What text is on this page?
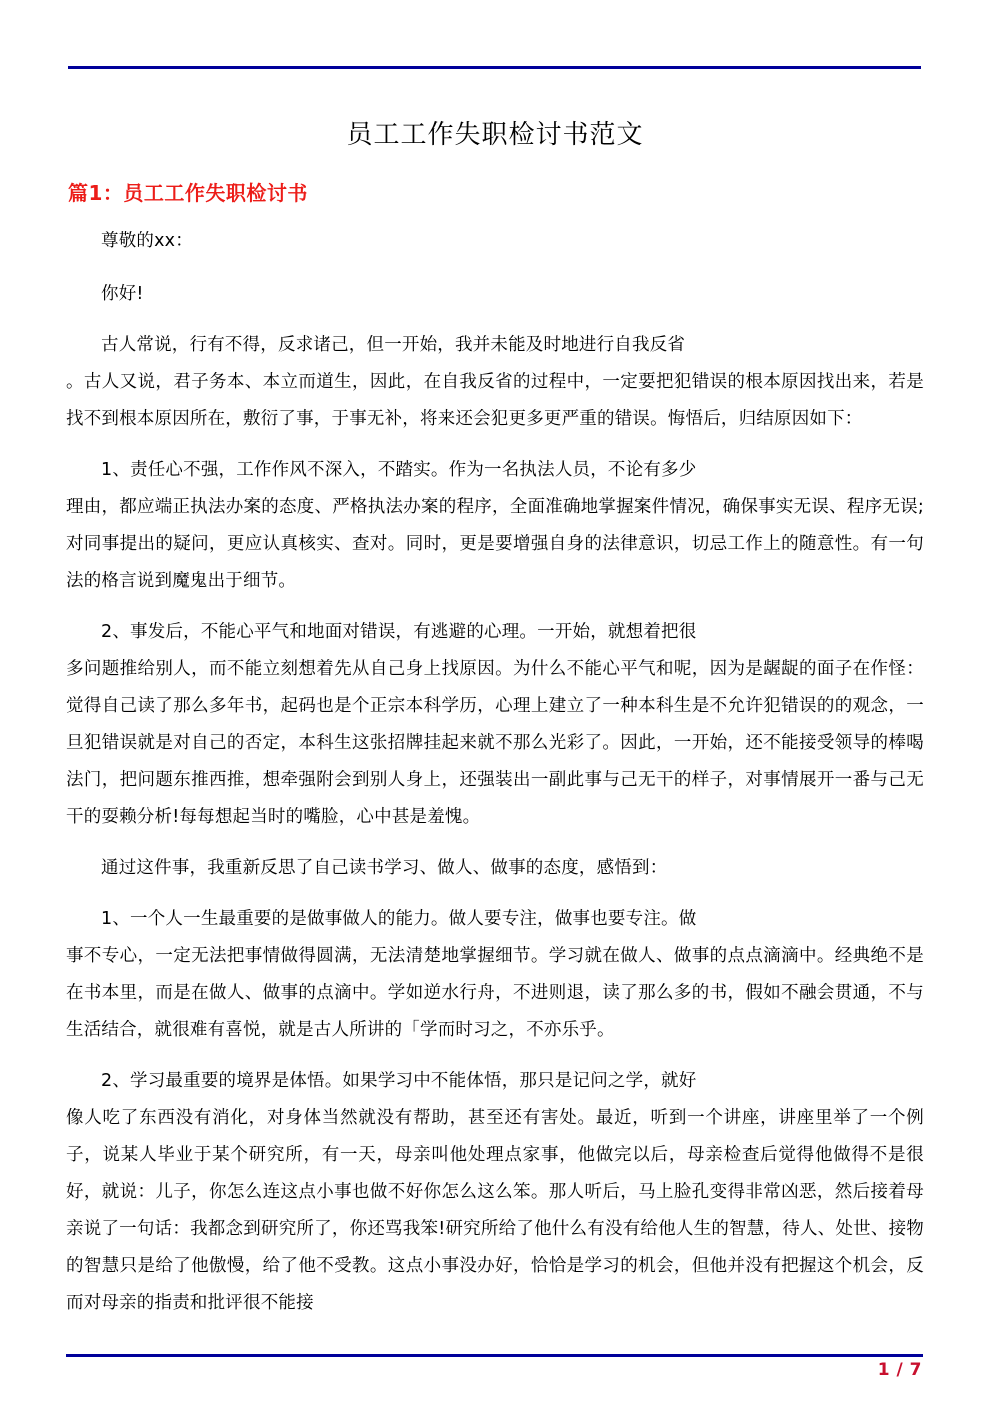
员工工作失职检讨书范文
篇1：员工工作失职检讨书
尊敬的xx：
你好!
古人常说，行有不得，反求诸己，但一开始，我并未能及时地进行自我反省
。古人又说，君子务本、本立而道生，因此，在自我反省的过程中，一定要把犯错误的根本原因找出来，若是找不到根本原因所在，敷衍了事，于事无补，将来还会犯更多更严重的错误。悔悟后，归结原因如下：
1、责任心不强，工作作风不深入，不踏实。作为一名执法人员，不论有多少
理由，都应端正执法办案的态度、严格执法办案的程序，全面准确地掌握案件情况，确保事实无误、程序无误;对同事提出的疑问，更应认真核实、查对。同时，更是要增强自身的法律意识，切忌工作上的随意性。有一句法的格言说到魔鬼出于细节。
2、事发后，不能心平气和地面对错误，有逃避的心理。一开始，就想着把很
多问题推给别人，而不能立刻想着先从自己身上找原因。为什么不能心平气和呢，因为是龌龊的面子在作怪：觉得自己读了那么多年书，起码也是个正宗本科学历，心理上建立了一种本科生是不允许犯错误的的观念，一旦犯错误就是对自己的否定，本科生这张招牌挂起来就不那么光彩了。因此，一开始，还不能接受领导的棒喝法门，把问题东推西推，想牵强附会到别人身上，还强装出一副此事与己无干的样子，对事情展开一番与己无干的耍赖分析!每每想起当时的嘴脸，心中甚是羞愧。
通过这件事，我重新反思了自己读书学习、做人、做事的态度，感悟到：
1、一个人一生最重要的是做事做人的能力。做人要专注，做事也要专注。做
事不专心，一定无法把事情做得圆满，无法清楚地掌握细节。学习就在做人、做事的点点滴滴中。经典绝不是在书本里，而是在做人、做事的点滴中。学如逆水行舟，不进则退，读了那么多的书，假如不融会贯通，不与生活结合，就很难有喜悦，就是古人所讲的「学而时习之，不亦乐乎。
2、学习最重要的境界是体悟。如果学习中不能体悟，那只是记问之学，就好
像人吃了东西没有消化，对身体当然就没有帮助，甚至还有害处。最近，听到一个讲座，讲座里举了一个例子，说某人毕业于某个研究所，有一天，母亲叫他处理点家事，他做完以后，母亲检查后觉得他做得不是很好，就说：儿子，你怎么连这点小事也做不好你怎么这么笨。那人听后，马上脸孔变得非常凶恶，然后接着母亲说了一句话：我都念到研究所了，你还骂我笨!研究所给了他什么有没有给他人生的智慧，待人、处世、接物的智慧只是给了他傲慢，给了他不受教。这点小事没办好，恰恰是学习的机会，但他并没有把握这个机会，反而对母亲的指责和批评很不能接
1 / 7
